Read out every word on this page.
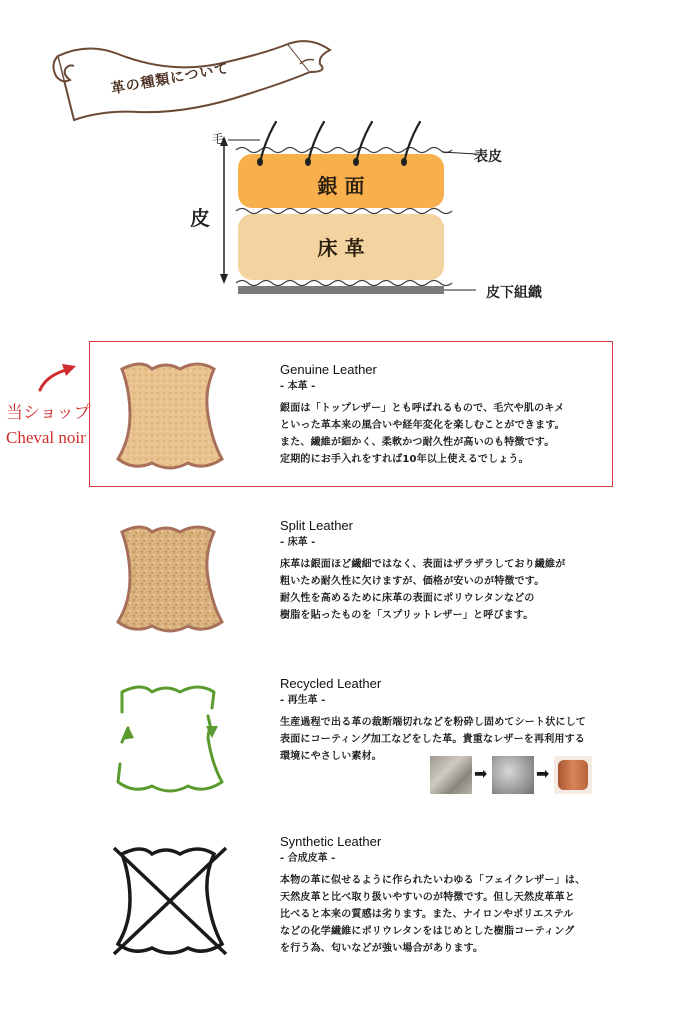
革の種類について
毛
表皮
銀 面
床 革
皮
皮下組織
当ショップ
Cheval noir
Genuine Leather
- 本革 -
銀面は「トップレザー」とも呼ばれるもので、毛穴や肌のキメ
といった革本来の風合いや経年変化を楽しむことができます。
また、繊維が細かく、柔軟かつ耐久性が高いのも特徴です。
定期的にお手入れをすれば10年以上使えるでしょう。
Split Leather
- 床革 -
床革は銀面ほど繊細ではなく、表面はザラザラしており繊維が
粗いため耐久性に欠けますが、価格が安いのが特徴です。
耐久性を高めるために床革の表面にポリウレタンなどの
樹脂を貼ったものを「スプリットレザー」と呼びます。
Recycled Leather
- 再生革 -
生産過程で出る革の裁断端切れなどを粉砕し固めてシート状にして
表面にコーティング加工などをした革。貴重なレザーを再利用する
環境にやさしい素材。
➡	➡
Synthetic Leather
- 合成皮革 -
本物の革に似せるように作られたいわゆる「フェイクレザー」は、
天然皮革と比べ取り扱いやすいのが特徴です。但し天然皮革革と
比べると本来の質感は劣ります。また、ナイロンやポリエステル
などの化学繊維にポリウレタンをはじめとした樹脂コーティング
を行う為、匂いなどが強い場合があります。
